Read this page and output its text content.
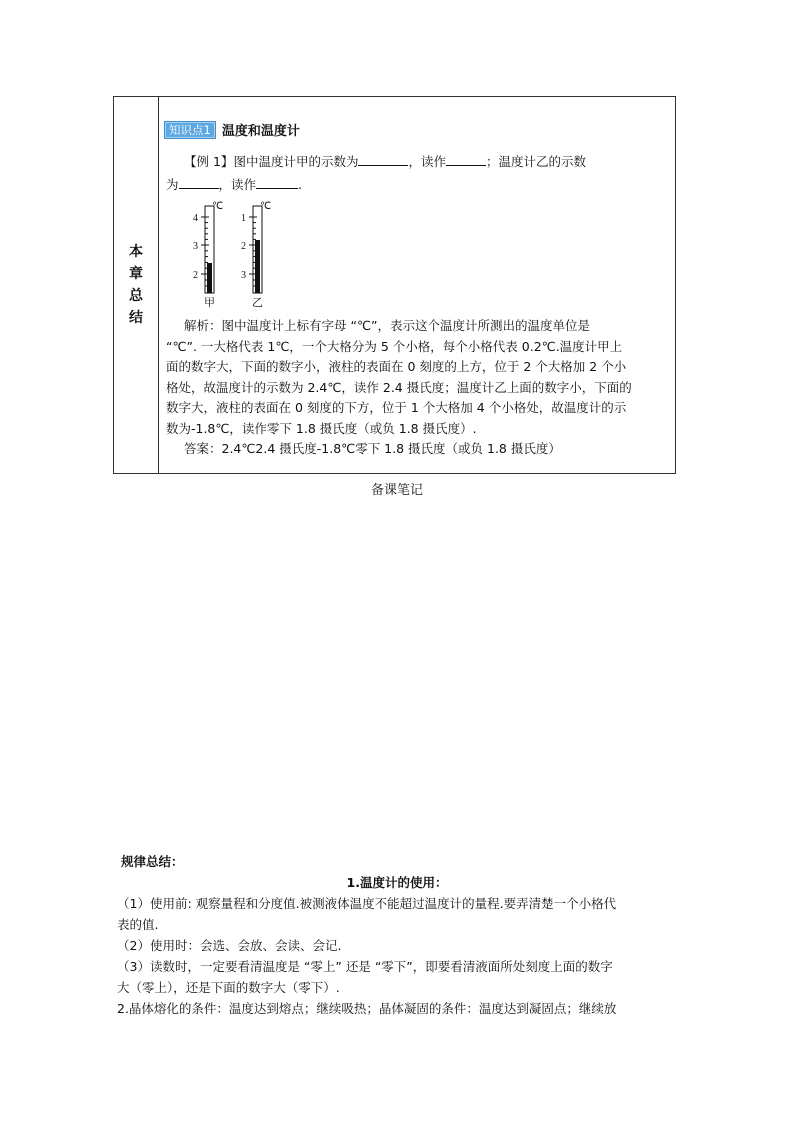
本
章
总
结
知识点1 温度和温度计
【例 1】图中温度计甲的示数为	，读作	；温度计乙的示数
为	，读作	.
℃
4
3
2
甲
℃
1
2
3
乙
解析：图中温度计上标有字母 “℃”，表示这个温度计所测出的温度单位是
“℃”. 一大格代表 1℃，一个大格分为 5 个小格，每个小格代表 0.2℃.温度计甲上
面的数字大，下面的数字小，液柱的表面在 0 刻度的上方，位于 2 个大格加 2 个小
格处，故温度计的示数为 2.4℃，读作 2.4 摄氏度；温度计乙上面的数字小，下面的
数字大，液柱的表面在 0 刻度的下方，位于 1 个大格加 4 个小格处，故温度计的示
数为-1.8℃，读作零下 1.8 摄氏度（或负 1.8 摄氏度）.
答案：2.4℃2.4 摄氏度-1.8℃零下 1.8 摄氏度（或负 1.8 摄氏度）
备课笔记
规律总结：
1.温度计的使用：
（1）使用前: 观察量程和分度值.被测液体温度不能超过温度计的量程.要弄清楚一个小格代
表的值.
（2）使用时：会选、会放、会读、会记.
（3）读数时，一定要看清温度是 “零上” 还是 “零下”，即要看清液面所处刻度上面的数字
大（零上），还是下面的数字大（零下）.
2.晶体熔化的条件：温度达到熔点；继续吸热；晶体凝固的条件：温度达到凝固点；继续放
